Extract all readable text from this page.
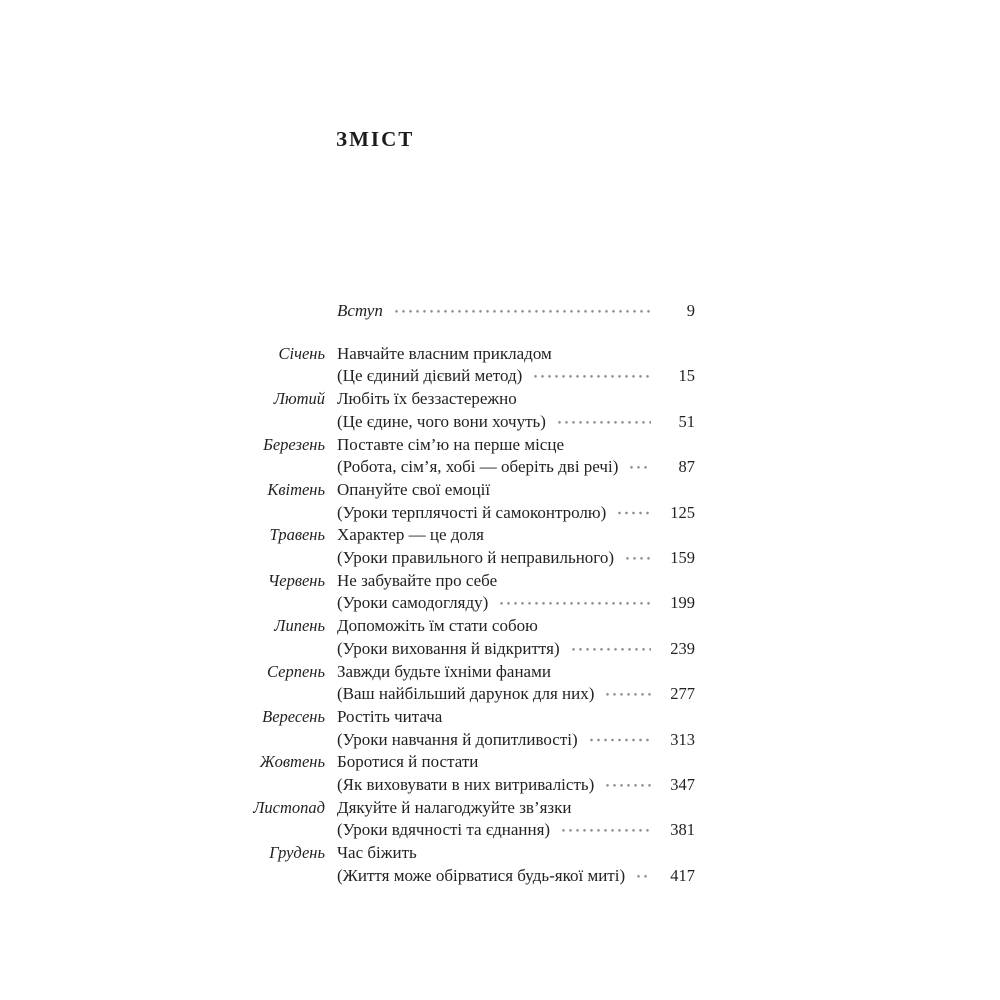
ЗМІСТ
Вступ	9
Січень Навчайте власним прикладом
(Це єдиний дієвий метод)	15
Лютий Любіть їх беззастережно
(Це єдине, чого вони хочуть)	51
Березень Поставте сім’ю на перше місце
(Робота, сім’я, хобі — оберіть дві речі)	87
Квітень Опануйте свої емоції
(Уроки терплячості й самоконтролю)	125
Травень Характер — це доля
(Уроки правильного й неправильного)	159
Червень Не забувайте про себе
(Уроки самодогляду)	199
Липень Допоможіть їм стати собою
(Уроки виховання й відкриття)	239
Серпень Завжди будьте їхніми фанами
(Ваш найбільший дарунок для них)	277
Вересень Ростіть читача
(Уроки навчання й допитливості)	313
Жовтень Боротися й постати
(Як виховувати в них витривалість)	347
Листопад Дякуйте й налагоджуйте зв’язки
(Уроки вдячності та єднання)	381
Грудень Час біжить
(Життя може обірватися будь-якої миті)	417
